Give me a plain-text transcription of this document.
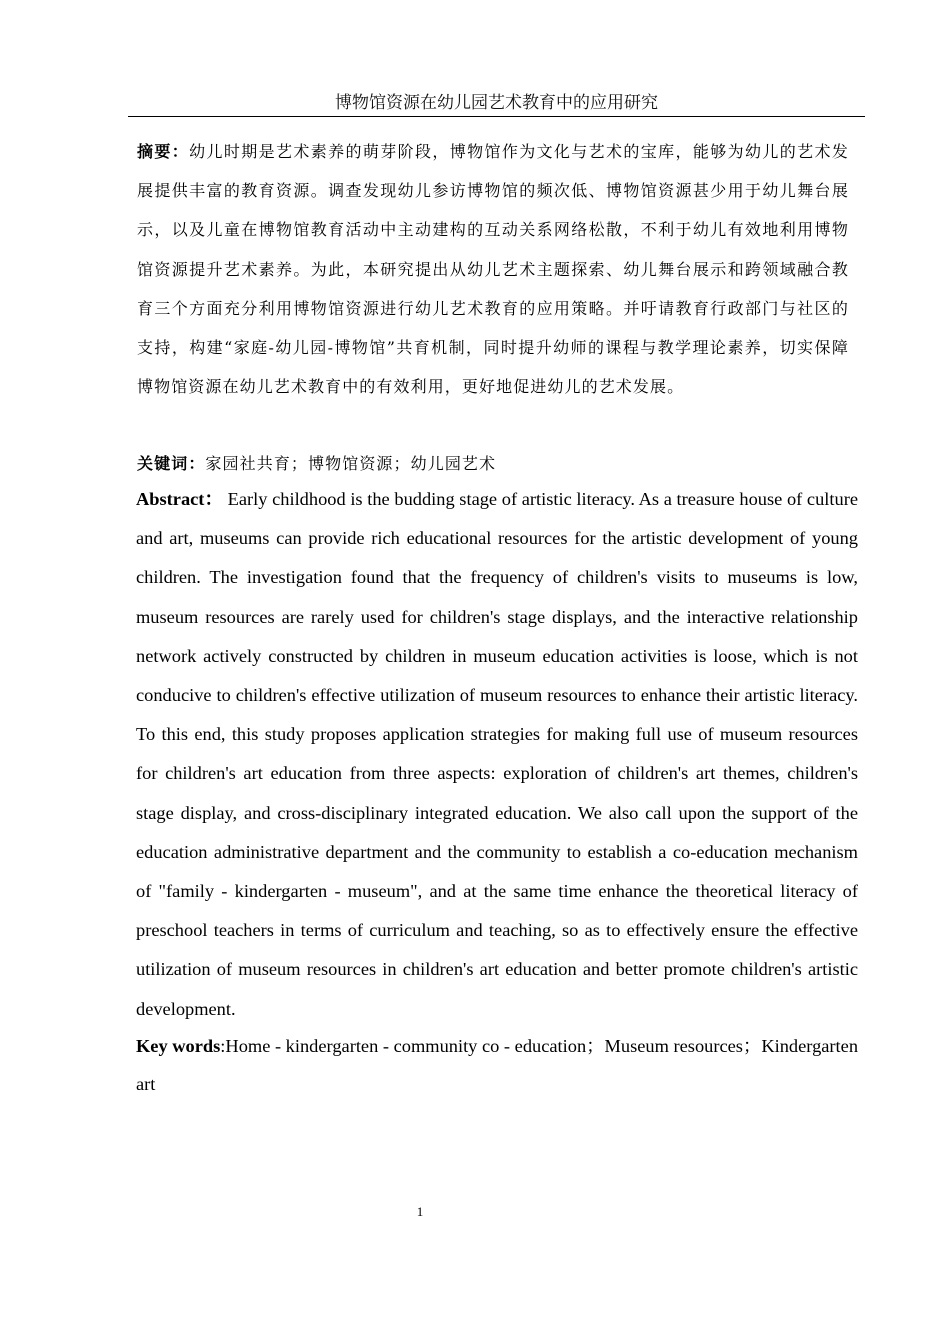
博物馆资源在幼儿园艺术教育中的应用研究

摘要：幼儿时期是艺术素养的萌芽阶段，博物馆作为文化与艺术的宝库，能够为幼儿的艺术发展提供丰富的教育资源。调查发现幼儿参访博物馆的频次低、博物馆资源甚少用于幼儿舞台展示，以及儿童在博物馆教育活动中主动建构的互动关系网络松散，不利于幼儿有效地利用博物馆资源提升艺术素养。为此，本研究提出从幼儿艺术主题探索、幼儿舞台展示和跨领域融合教育三个方面充分利用博物馆资源进行幼儿艺术教育的应用策略。并吁请教育行政部门与社区的支持，构建“家庭-幼儿园-博物馆”共育机制，同时提升幼师的课程与教学理论素养，切实保障博物馆资源在幼儿艺术教育中的有效利用，更好地促进幼儿的艺术发展。

关键词：家园社共育；博物馆资源；幼儿园艺术

Abstract： Early childhood is the budding stage of artistic literacy. As a treasure house of culture and art, museums can provide rich educational resources for the artistic development of young children. The investigation found that the frequency of children's visits to museums is low, museum resources are rarely used for children's stage displays, and the interactive relationship network actively constructed by children in museum education activities is loose, which is not conducive to children's effective utilization of museum resources to enhance their artistic literacy. To this end, this study proposes application strategies for making full use of museum resources for children's art education from three aspects: exploration of children's art themes, children's stage display, and cross-disciplinary integrated education. We also call upon the support of the education administrative department and the community to establish a co-education mechanism of "family - kindergarten - museum", and at the same time enhance the theoretical literacy of preschool teachers in terms of curriculum and teaching, so as to effectively ensure the effective utilization of museum resources in children's art education and better promote children's artistic development.

Key words:Home - kindergarten - community co - education；Museum resources；Kindergarten art

1
